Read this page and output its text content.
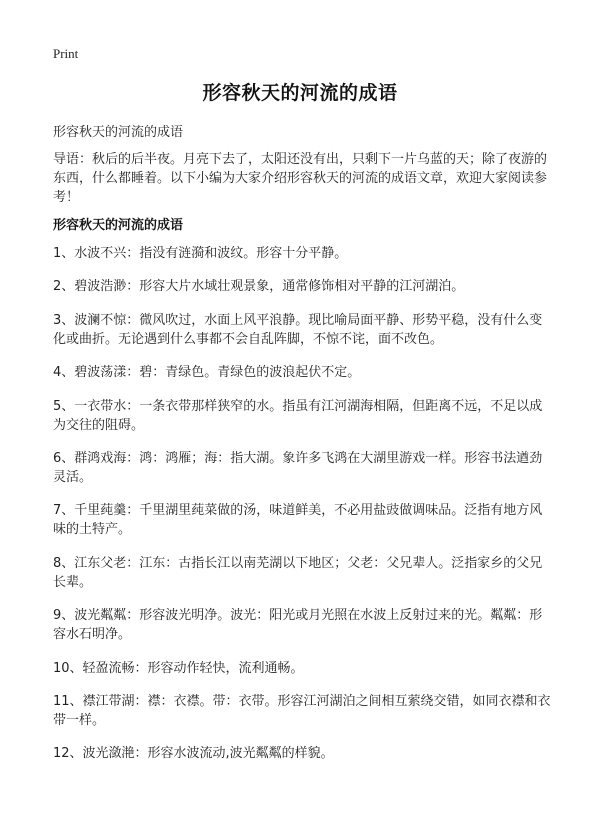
Print
形容秋天的河流的成语
形容秋天的河流的成语
导语：秋后的后半夜。月亮下去了，太阳还没有出，只剩下一片乌蓝的天；除了夜游的东西，什么都睡着。以下小编为大家介绍形容秋天的河流的成语文章，欢迎大家阅读参考！
形容秋天的河流的成语
1、水波不兴：指没有涟漪和波纹。形容十分平静。
2、碧波浩渺：形容大片水域壮观景象，通常修饰相对平静的江河湖泊。
3、波澜不惊：微风吹过，水面上风平浪静。现比喻局面平静、形势平稳，没有什么变化或曲折。无论遇到什么事都不会自乱阵脚，不惊不诧，面不改色。
4、碧波荡漾：碧：青绿色。青绿色的波浪起伏不定。
5、一衣带水：一条衣带那样狭窄的水。指虽有江河湖海相隔，但距离不远，不足以成为交往的阻碍。
6、群鸿戏海：鸿：鸿雁；海：指大湖。象许多飞鸿在大湖里游戏一样。形容书法遒劲灵活。
7、千里莼羹：千里湖里莼菜做的汤，味道鲜美，不必用盐豉做调味品。泛指有地方风味的土特产。
8、江东父老：江东：古指长江以南芜湖以下地区；父老：父兄辈人。泛指家乡的父兄长辈。
9、波光粼粼：形容波光明净。波光：阳光或月光照在水波上反射过来的光。粼粼：形容水石明净。
10、轻盈流畅：形容动作轻快，流利通畅。
11、襟江带湖：襟：衣襟。带：衣带。形容江河湖泊之间相互萦绕交错，如同衣襟和衣带一样。
12、波光潋滟：形容水波流动,波光粼粼的样貌。
